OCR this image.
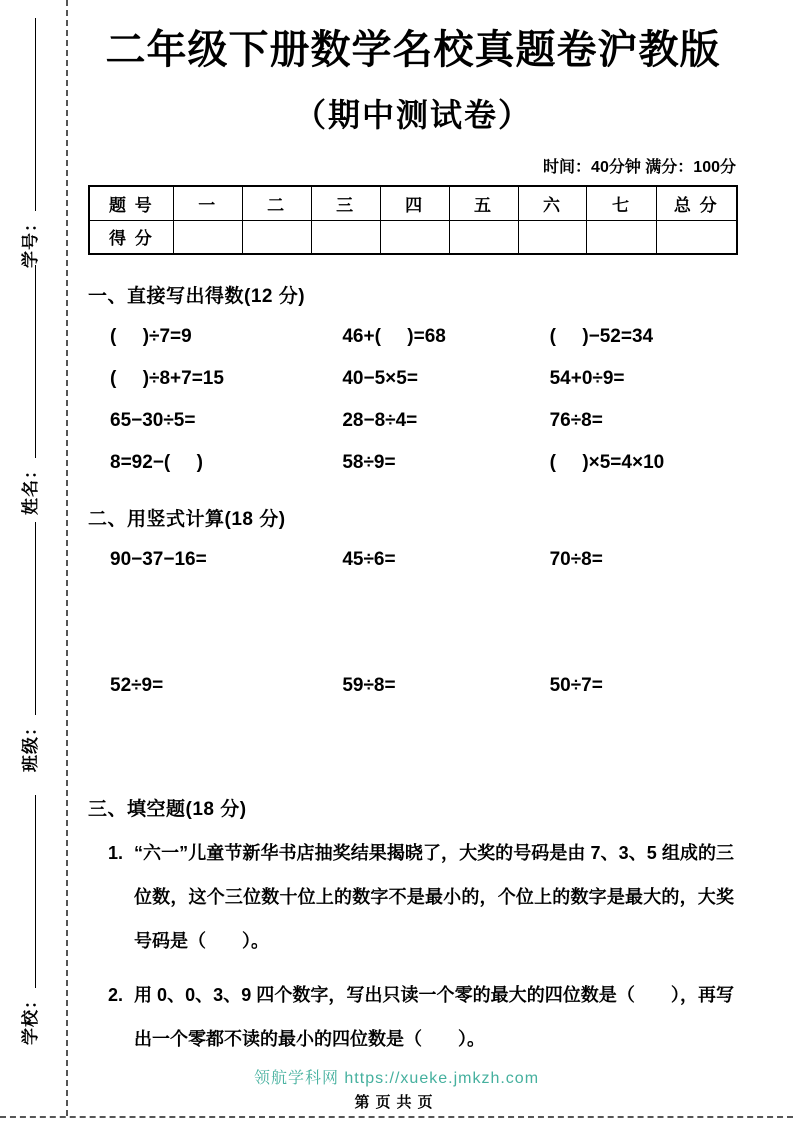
学号：
姓名：
班级：
学校：
二年级下册数学名校真题卷沪教版
（期中测试卷）
时间：40分钟 满分：100分
题 号	一	二	三	四	五	六	七	总 分
得 分								
一、直接写出得数(12 分)
(     )÷7=9	46+(     )=68	(     )−52=34
(     )÷8+7=15	40−5×5=	54+0÷9=
65−30÷5=	28−8÷4=	76÷8=
8=92−(     )	58÷9=	(     )×5=4×10
二、用竖式计算(18 分)
90−37−16=	45÷6=	70÷8=
52÷9=	59÷8=	50÷7=
三、填空题(18 分)
1. “六一”儿童节新华书店抽奖结果揭晓了，大奖的号码是由 7、3、5 组成的三位数，这个三位数十位上的数字不是最小的，个位上的数字是最大的，大奖号码是（　　）。
2. 用 0、0、3、9 四个数字，写出只读一个零的最大的四位数是（　　），再写出一个零都不读的最小的四位数是（　　）。
领航学科网 https://xueke.jmkzh.com
第页共页
